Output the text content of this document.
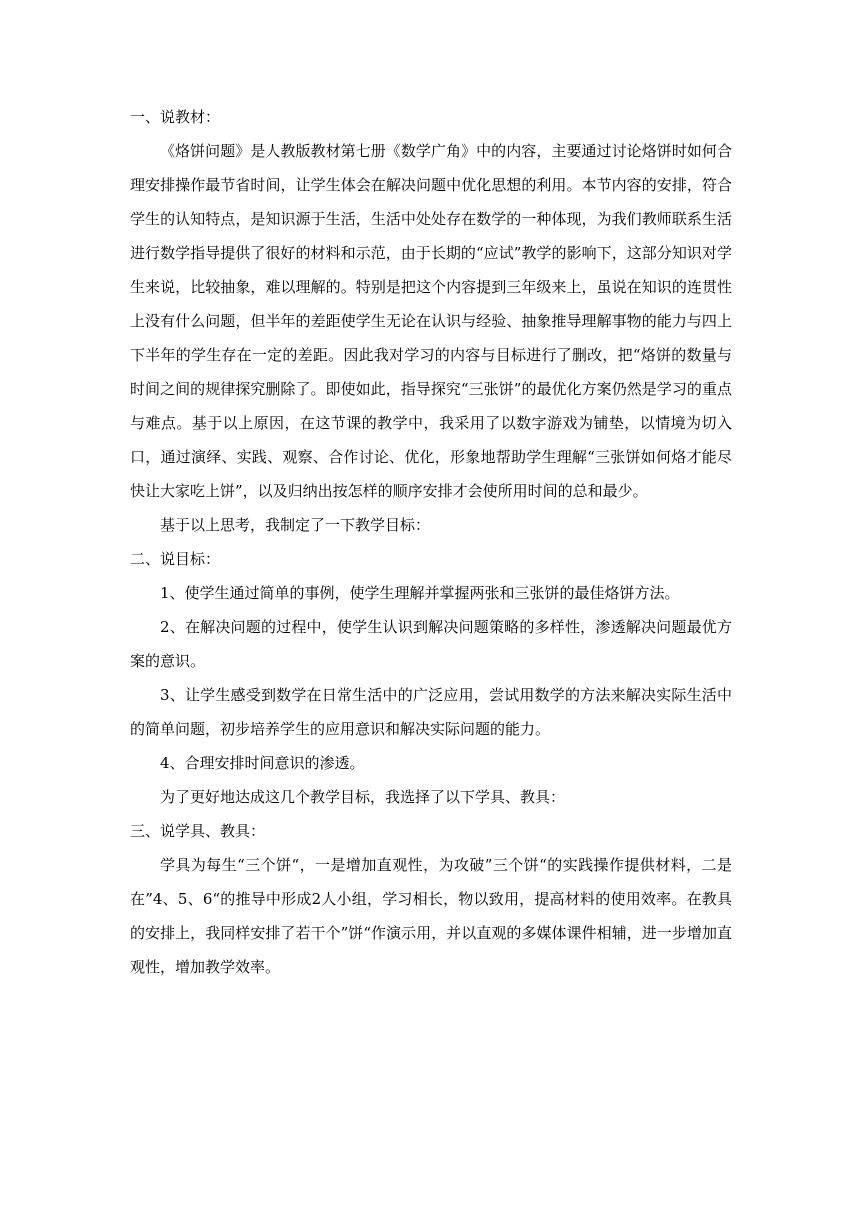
一、说教材：

《烙饼问题》是人教版教材第七册《数学广角》中的内容，主要通过讨论烙饼时如何合理安排操作最节省时间，让学生体会在解决问题中优化思想的利用。本节内容的安排，符合学生的认知特点，是知识源于生活，生活中处处存在数学的一种体现，为我们教师联系生活进行数学指导提供了很好的材料和示范，由于长期的“应试”教学的影响下，这部分知识对学生来说，比较抽象，难以理解的。特别是把这个内容提到三年级来上，虽说在知识的连贯性上没有什么问题，但半年的差距使学生无论在认识与经验、抽象推导理解事物的能力与四上下半年的学生存在一定的差距。因此我对学习的内容与目标进行了删改，把“烙饼的数量与时间之间的规律探究删除了。即使如此，指导探究“三张饼”的最优化方案仍然是学习的重点与难点。基于以上原因，在这节课的教学中，我采用了以数字游戏为铺垫，以情境为切入口，通过演绎、实践、观察、合作讨论、优化，形象地帮助学生理解“三张饼如何烙才能尽快让大家吃上饼”，以及归纳出按怎样的顺序安排才会使所用时间的总和最少。

基于以上思考，我制定了一下教学目标：

二、说目标：

1、使学生通过简单的事例，使学生理解并掌握两张和三张饼的最佳烙饼方法。

2、在解决问题的过程中，使学生认识到解决问题策略的多样性，渗透解决问题最优方案的意识。

3、让学生感受到数学在日常生活中的广泛应用，尝试用数学的方法来解决实际生活中的简单问题，初步培养学生的应用意识和解决实际问题的能力。

4、合理安排时间意识的渗透。

为了更好地达成这几个教学目标，我选择了以下学具、教具：

三、说学具、教具：

学具为每生“三个饼“，一是增加直观性，为攻破”三个饼“的实践操作提供材料，二是在”4、5、6“的推导中形成2人小组，学习相长，物以致用，提高材料的使用效率。在教具的安排上，我同样安排了若干个”饼“作演示用，并以直观的多媒体课件相辅，进一步增加直观性，增加教学效率。
